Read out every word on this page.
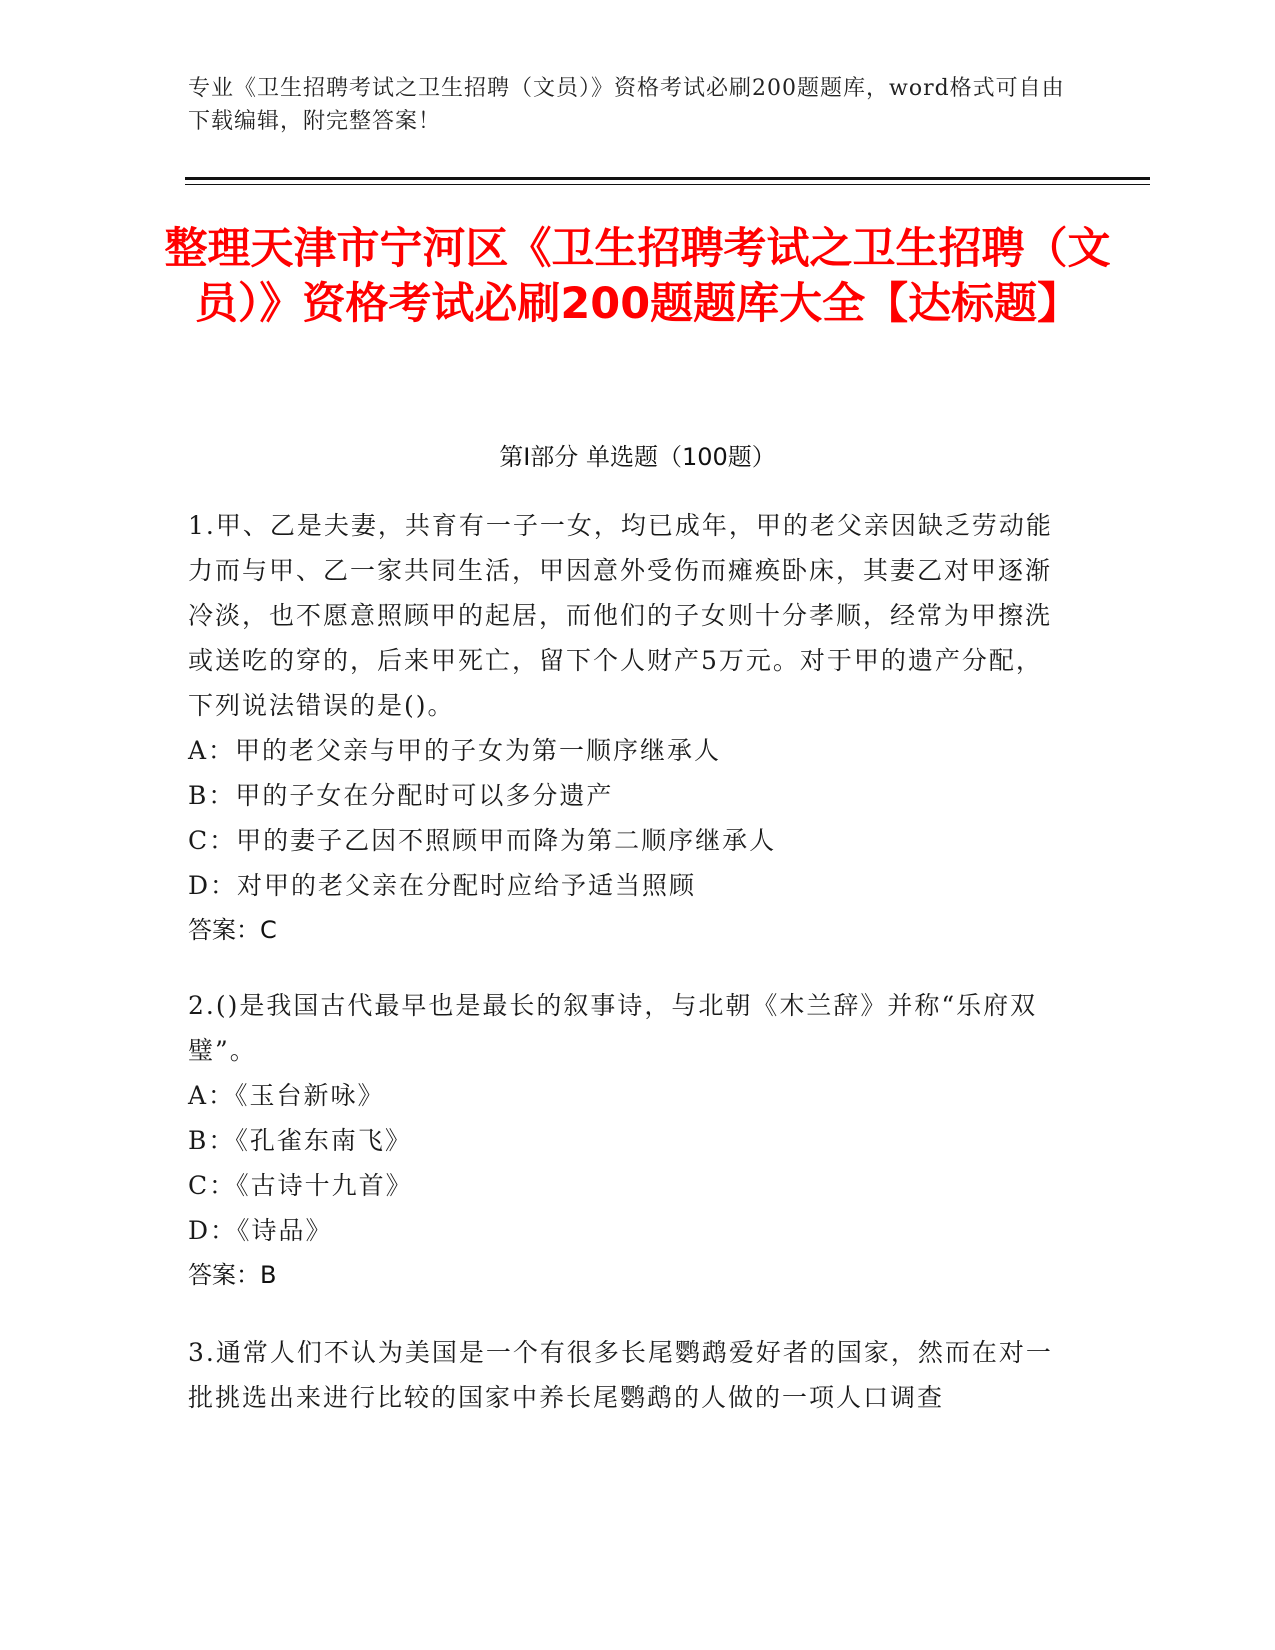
专业《卫生招聘考试之卫生招聘（文员）》资格考试必刷200题题库，word格式可自由下载编辑，附完整答案！
整理天津市宁河区《卫生招聘考试之卫生招聘（文员）》资格考试必刷200题题库大全【达标题】
第Ⅰ部分 单选题（100题）
1.甲、乙是夫妻，共育有一子一女，均已成年，甲的老父亲因缺乏劳动能力而与甲、乙一家共同生活，甲因意外受伤而瘫痪卧床，其妻乙对甲逐渐冷淡，也不愿意照顾甲的起居，而他们的子女则十分孝顺，经常为甲擦洗或送吃的穿的，后来甲死亡，留下个人财产5万元。对于甲的遗产分配，下列说法错误的是()。
A：甲的老父亲与甲的子女为第一顺序继承人
B：甲的子女在分配时可以多分遗产
C：甲的妻子乙因不照顾甲而降为第二顺序继承人
D：对甲的老父亲在分配时应给予适当照顾
答案：C
2.()是我国古代最早也是最长的叙事诗，与北朝《木兰辞》并称“乐府双璧”。
A：《玉台新咏》
B：《孔雀东南飞》
C：《古诗十九首》
D：《诗品》
答案：B
3.通常人们不认为美国是一个有很多长尾鹦鹉爱好者的国家，然而在对一批挑选出来进行比较的国家中养长尾鹦鹉的人做的一项人口调查
